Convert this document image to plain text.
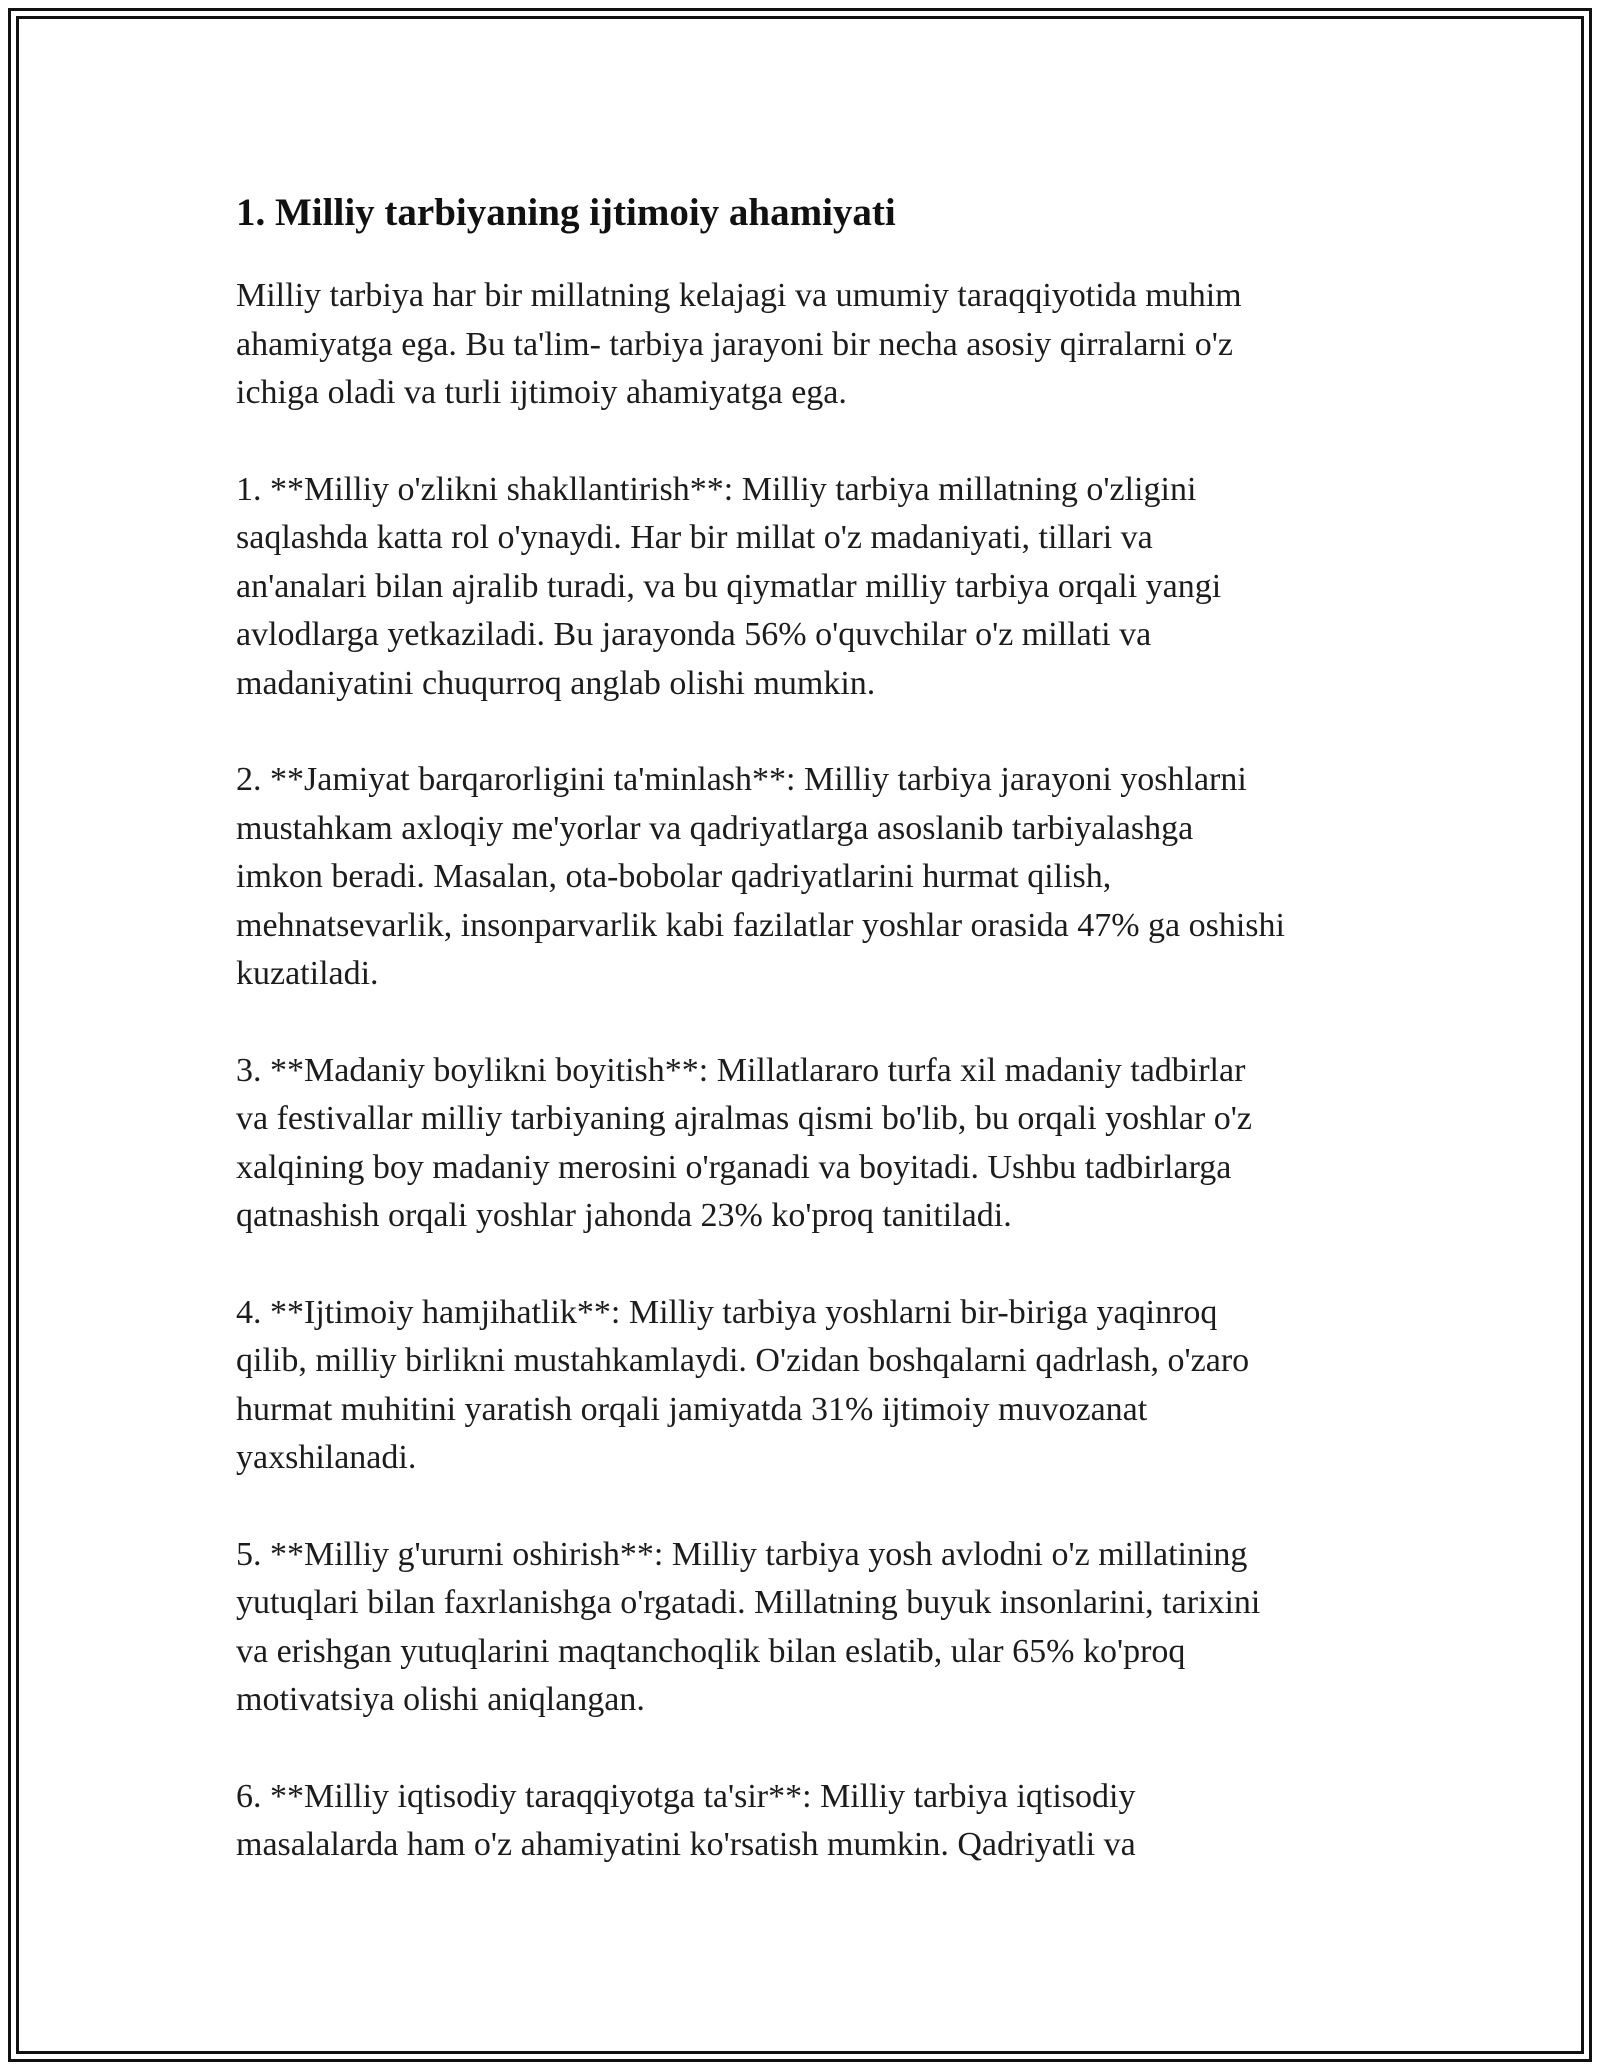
1. Milliy tarbiyaning ijtimoiy ahamiyati

Milliy tarbiya har bir millatning kelajagi va umumiy taraqqiyotida muhim
ahamiyatga ega. Bu ta'lim- tarbiya jarayoni bir necha asosiy qirralarni o'z
ichiga oladi va turli ijtimoiy ahamiyatga ega.

1. **Milliy o'zlikni shakllantirish**: Milliy tarbiya millatning o'zligini
saqlashda katta rol o'ynaydi. Har bir millat o'z madaniyati, tillari va
an'analari bilan ajralib turadi, va bu qiymatlar milliy tarbiya orqali yangi
avlodlarga yetkaziladi. Bu jarayonda 56% o'quvchilar o'z millati va
madaniyatini chuqurroq anglab olishi mumkin.

2. **Jamiyat barqarorligini ta'minlash**: Milliy tarbiya jarayoni yoshlarni
mustahkam axloqiy me'yorlar va qadriyatlarga asoslanib tarbiyalashga
imkon beradi. Masalan, ota-bobolar qadriyatlarini hurmat qilish,
mehnatsevarlik, insonparvarlik kabi fazilatlar yoshlar orasida 47% ga oshishi
kuzatiladi.

3. **Madaniy boylikni boyitish**: Millatlararo turfa xil madaniy tadbirlar
va festivallar milliy tarbiyaning ajralmas qismi bo'lib, bu orqali yoshlar o'z
xalqining boy madaniy merosini o'rganadi va boyitadi. Ushbu tadbirlarga
qatnashish orqali yoshlar jahonda 23% ko'proq tanitiladi.

4. **Ijtimoiy hamjihatlik**: Milliy tarbiya yoshlarni bir-biriga yaqinroq
qilib, milliy birlikni mustahkamlaydi. O'zidan boshqalarni qadrlash, o'zaro
hurmat muhitini yaratish orqali jamiyatda 31% ijtimoiy muvozanat
yaxshilanadi.

5. **Milliy g'ururni oshirish**: Milliy tarbiya yosh avlodni o'z millatining
yutuqlari bilan faxrlanishga o'rgatadi. Millatning buyuk insonlarini, tarixini
va erishgan yutuqlarini maqtanchoqlik bilan eslatib, ular 65% ko'proq
motivatsiya olishi aniqlangan.

6. **Milliy iqtisodiy taraqqiyotga ta'sir**: Milliy tarbiya iqtisodiy
masalalarda ham o'z ahamiyatini ko'rsatish mumkin. Qadriyatli va
